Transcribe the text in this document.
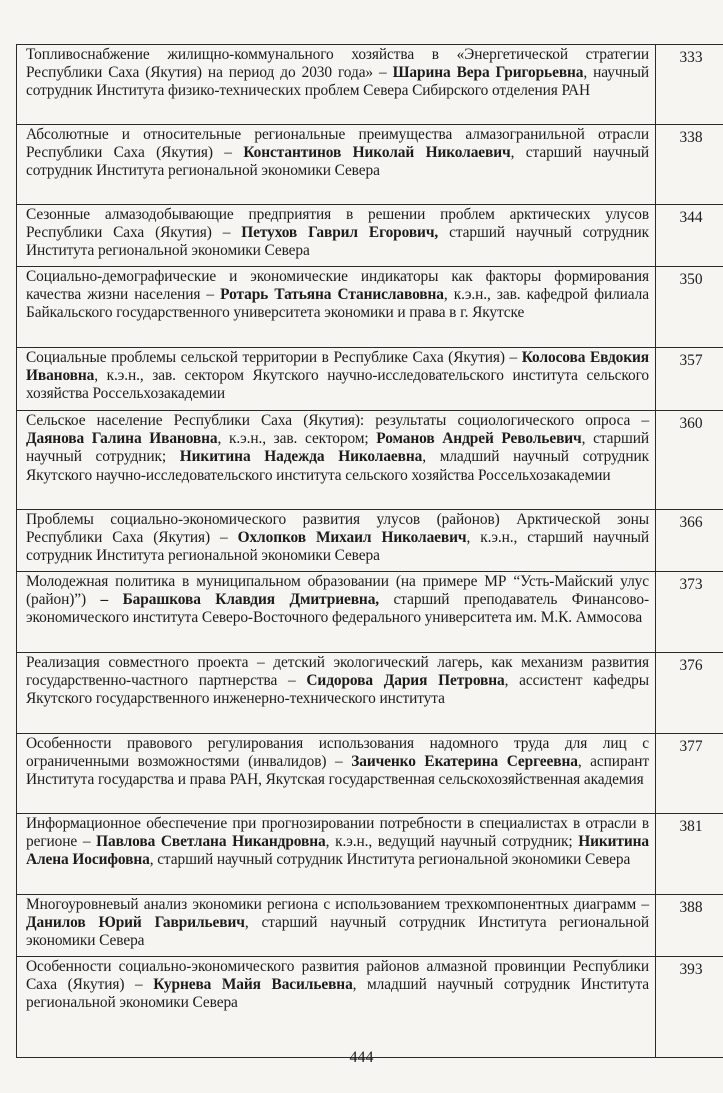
Топливоснабжение жилищно-коммунального хозяйства в «Энергетической стратегии Республики Саха (Якутия) на период до 2030 года» – Шарина Вера Григорьевна, научный сотрудник Института физико-технических проблем Севера Сибирского отделения РАН	333
Абсолютные и относительные региональные преимущества алмазогранильной отрасли Республики Саха (Якутия) – Константинов Николай Николаевич, старший научный сотрудник Института региональной экономики Севера	338
Сезонные алмазодобывающие предприятия в решении проблем арктических улусов Республики Саха (Якутия) – Петухов Гаврил Егорович, старший научный сотрудник Института региональной экономики Севера	344
Социально-демографические и экономические индикаторы как факторы формирования качества жизни населения – Ротарь Татьяна Станиславовна, к.э.н., зав. кафедрой филиала Байкальского государственного университета экономики и права в г. Якутске	350
Социальные проблемы сельской территории в Республике Саха (Якутия) – Колосова Евдокия Ивановна, к.э.н., зав. сектором Якутского научно-исследовательского института сельского хозяйства Россельхозакадемии	357
Сельское население Республики Саха (Якутия): результаты социологического опроса – Даянова Галина Ивановна, к.э.н., зав. сектором; Романов Андрей Револьевич, старший научный сотрудник; Никитина Надежда Николаевна, младший научный сотрудник Якутского научно-исследовательского института сельского хозяйства Россельхозакадемии	360
Проблемы социально-экономического развития улусов (районов) Арктической зоны Республики Саха (Якутия) – Охлопков Михаил Николаевич, к.э.н., старший научный сотрудник Института региональной экономики Севера	366
Молодежная политика в муниципальном образовании (на примере МР “Усть-Майский улус (район)”) – Барашкова Клавдия Дмитриевна, старший преподаватель Финансово-экономического института Северо-Восточного федерального университета им. М.К. Аммосова	373
Реализация совместного проекта – детский экологический лагерь, как механизм развития государственно-частного партнерства – Сидорова Дария Петровна, ассистент кафедры Якутского государственного инженерно-технического института	376
Особенности правового регулирования использования надомного труда для лиц с ограниченными возможностями (инвалидов) – Заиченко Екатерина Сергеевна, аспирант Института государства и права РАН, Якутская государственная сельскохозяйственная академия	377
Информационное обеспечение при прогнозировании потребности в специалистах в отрасли в регионе – Павлова Светлана Никандровна, к.э.н., ведущий научный сотрудник; Никитина Алена Иосифовна, старший научный сотрудник Института региональной экономики Севера	381
Многоуровневый анализ экономики региона с использованием трехкомпонентных диаграмм – Данилов Юрий Гаврильевич, старший научный сотрудник Института региональной экономики Севера	388
Особенности социально-экономического развития районов алмазной провинции Республики Саха (Якутия) – Курнева Майя Васильевна, младший научный сотрудник Института региональной экономики Севера	393
444
